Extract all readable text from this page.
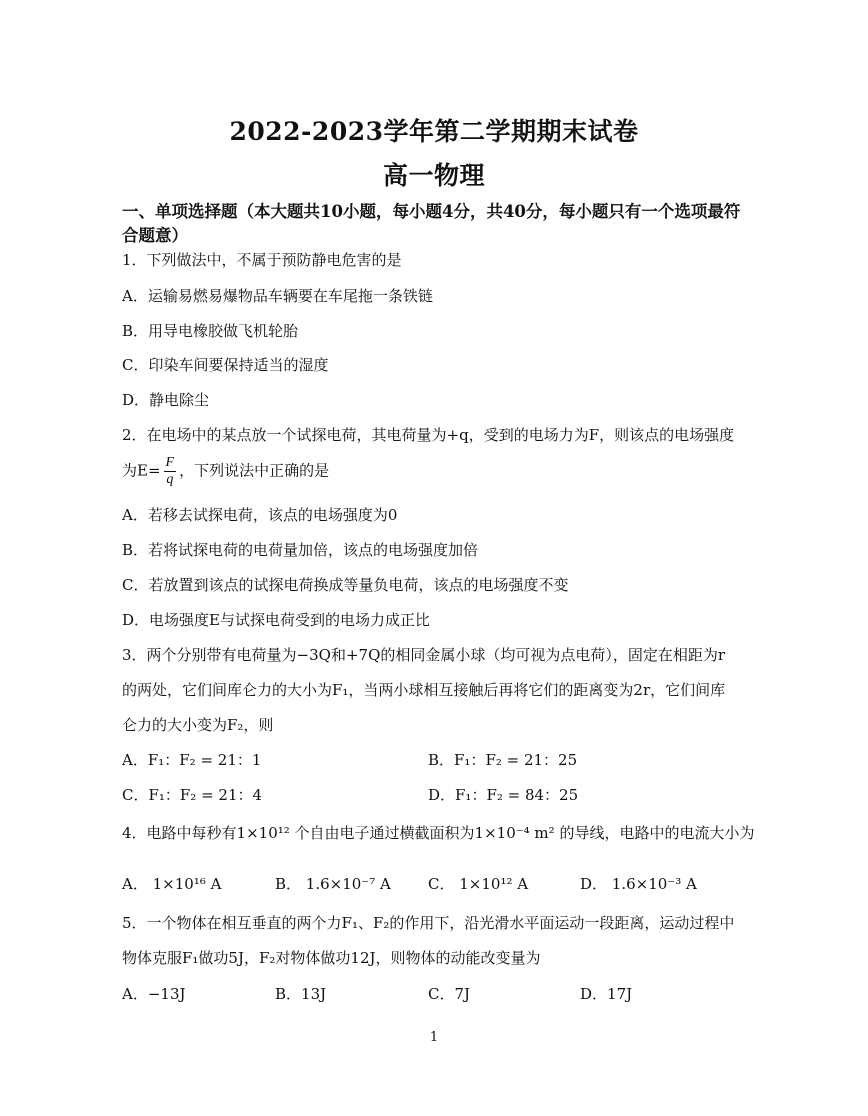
2022-2023学年第二学期期末试卷
高一物理
一、单项选择题（本大题共10小题，每小题4分，共40分，每小题只有一个选项最符合题意）
1．下列做法中，不属于预防静电危害的是
A．运输易燃易爆物品车辆要在车尾拖一条铁链
B．用导电橡胶做飞机轮胎
C．印染车间要保持适当的湿度
D．静电除尘
2．在电场中的某点放一个试探电荷，其电荷量为+q，受到的电场力为F，则该点的电场强度
为$E= \frac{F}{q}$ ，下列说法中正确的是
A．若移去试探电荷，该点的电场强度为0
B．若将试探电荷的电荷量加倍，该点的电场强度加倍
C．若放置到该点的试探电荷换成等量负电荷，该点的电场强度不变
D．电场强度E与试探电荷受到的电场力成正比
3．两个分别带有电荷量为−3Q和+7Q的相同金属小球（均可视为点电荷），固定在相距为r
的两处，它们间库仑力的大小为F₁，当两小球相互接触后再将它们的距离变为2r，它们间库
仑力的大小变为F₂，则
A．F₁：F₂ = 21：1	B．F₁：F₂ = 21：25
C．F₁：F₂ = 21：4	D．F₁：F₂ = 84：25
4．电路中每秒有1×10¹² 个自由电子通过横截面积为1×10⁻⁴ m² 的导线，电路中的电流大小为
A． 1×10¹⁶ A	B． 1.6×10⁻⁷ A C． 1×10¹² A	D． 1.6×10⁻³ A
5．一个物体在相互垂直的两个力F₁、F₂的作用下，沿光滑水平面运动一段距离，运动过程中
物体克服F₁做功5J，F₂对物体做功12J，则物体的动能改变量为
A．−13J	B．13J	C．7J	D．17J
1
